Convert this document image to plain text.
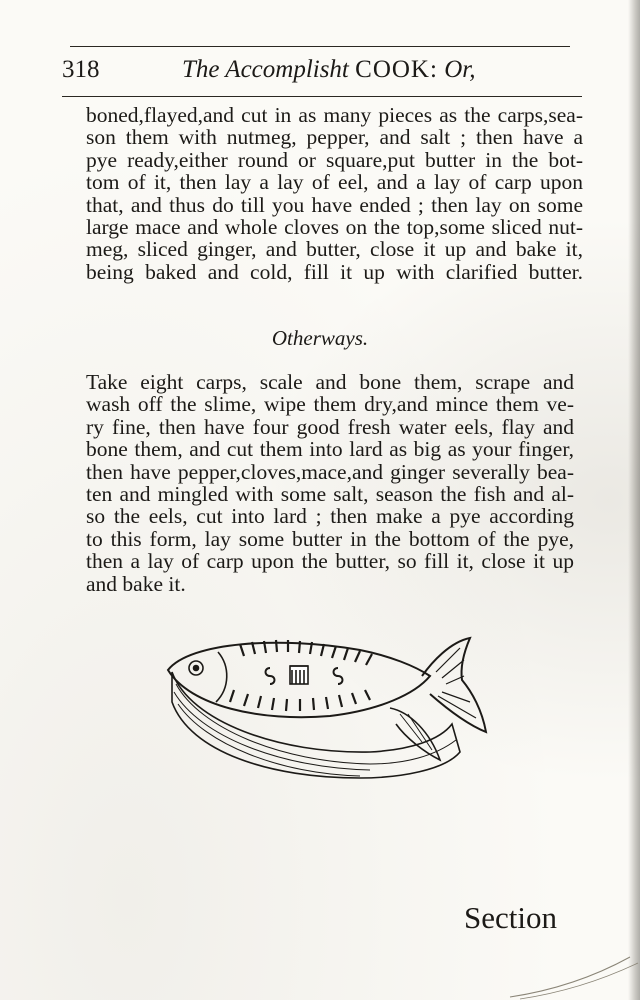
318	The Accomplisht COOK: Or,
boned,flayed,and cut in as many pieces as the carps,sea-
son them with nutmeg, pepper, and salt ; then have a
pye ready,either round or square,put butter in the bot-
tom of it, then lay a lay of eel, and a lay of carp upon
that, and thus do till you have ended ; then lay on some
large mace and whole cloves on the top,some sliced nut-
meg, sliced ginger, and butter, close it up and bake it,
being baked and cold, fill it up with clarified butter.
Otherways.
Take eight carps, scale and bone them, scrape and
wash off the slime, wipe them dry,and mince them ve-
ry fine, then have four good fresh water eels, flay and
bone them, and cut them into lard as big as your finger,
then have pepper,cloves,mace,and ginger severally bea-
ten and mingled with some salt, season the fish and al-
so the eels, cut into lard ; then make a pye according
to this form, lay some butter in the bottom of the pye,
then a lay of carp upon the butter, so fill it, close it up
and bake it.
Section
